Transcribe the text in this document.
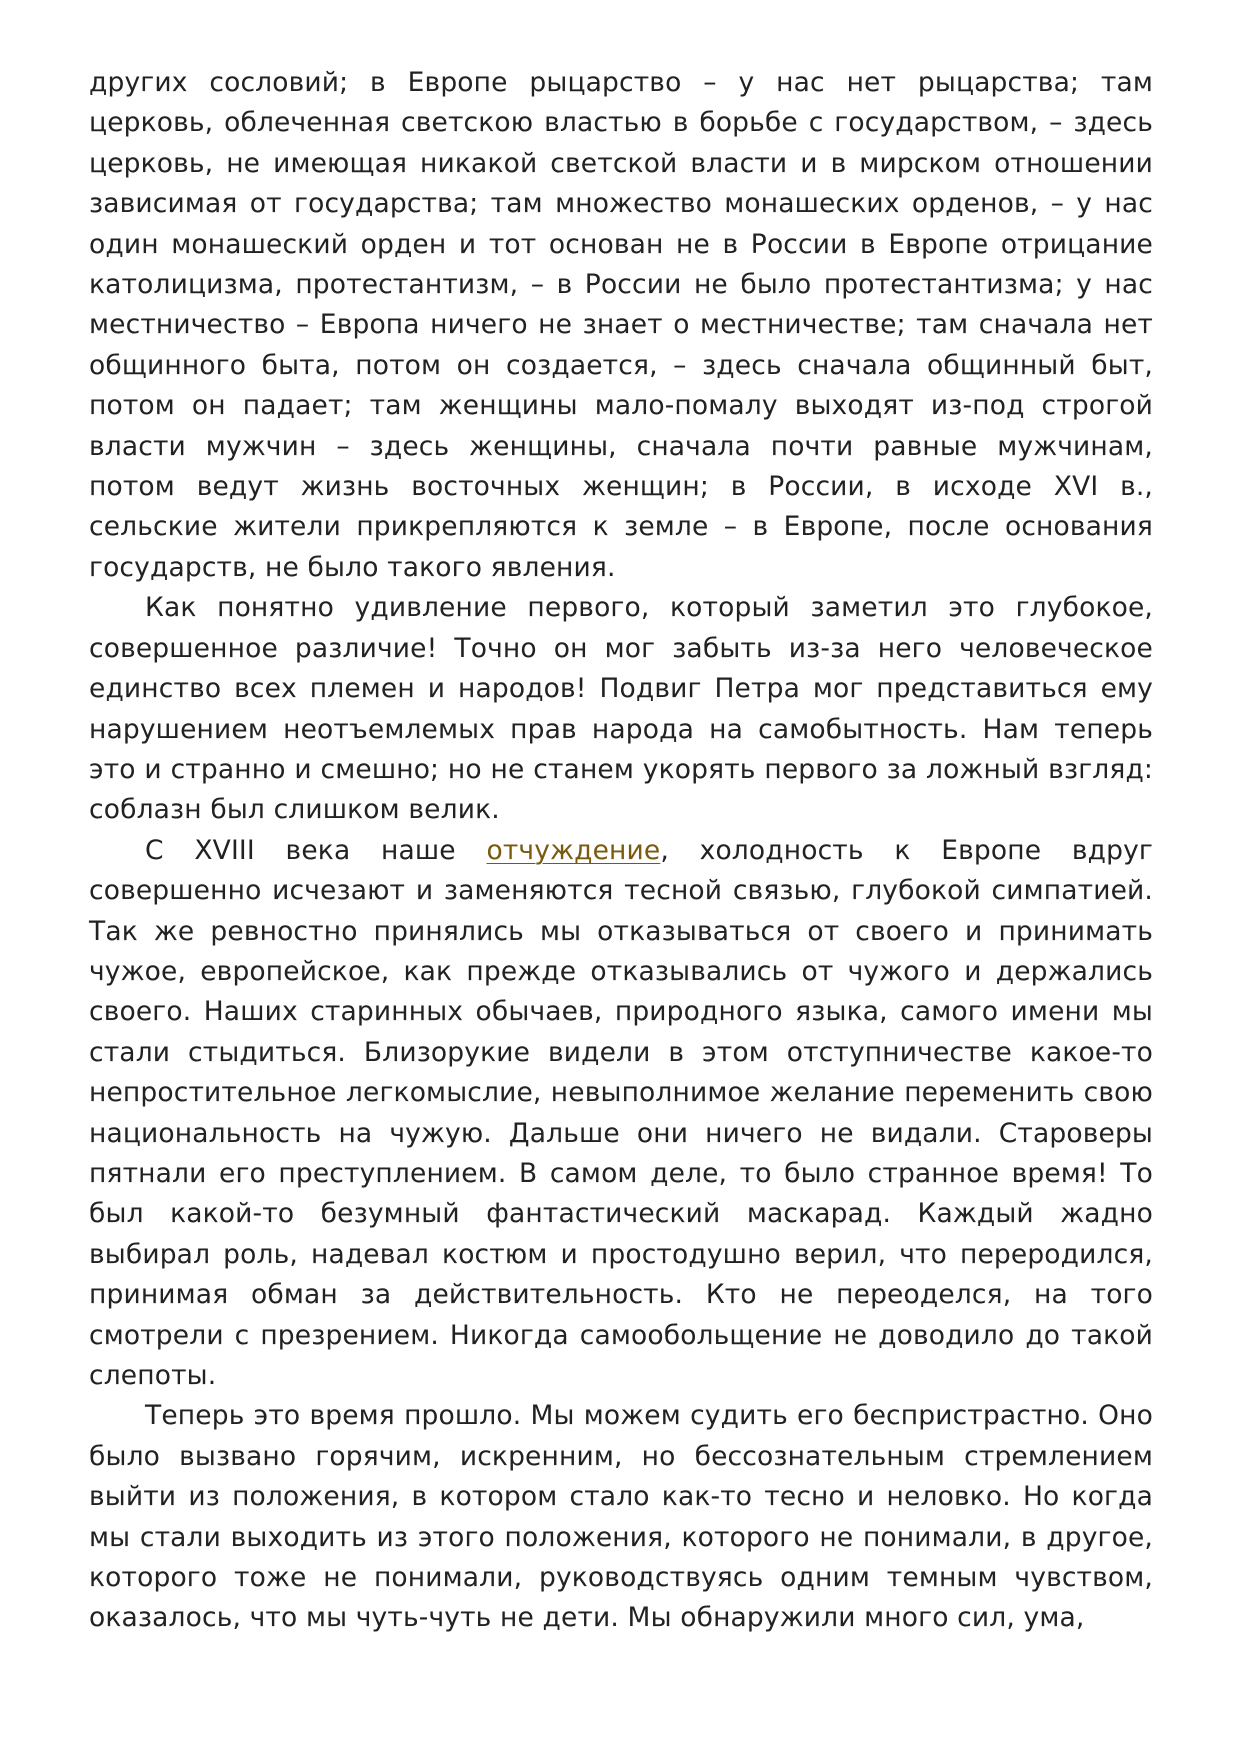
других сословий; в Европе рыцарство – у нас нет рыцарства; там церковь, облеченная светскою властью в борьбе с государством, – здесь церковь, не имеющая никакой светской власти и в мирском отношении зависимая от государства; там множество монашеских орденов, – у нас один монашеский орден и тот основан не в России в Европе отрицание католицизма, протестантизм, – в России не было протестантизма; у нас местничество – Европа ничего не знает о местничестве; там сначала нет общинного быта, потом он создается, – здесь сначала общинный быт, потом он падает; там женщины мало-помалу выходят из-под строгой власти мужчин – здесь женщины, сначала почти равные мужчинам, потом ведут жизнь восточных женщин; в России, в исходе XVI в., сельские жители прикрепляются к земле – в Европе, после основания государств, не было такого явления.

Как понятно удивление первого, который заметил это глубокое, совершенное различие! Точно он мог забыть из-за него человеческое единство всех племен и народов! Подвиг Петра мог представиться ему нарушением неотъемлемых прав народа на самобытность. Нам теперь это и странно и смешно; но не станем укорять первого за ложный взгляд: соблазн был слишком велик.

С XVIII века наше отчуждение, холодность к Европе вдруг совершенно исчезают и заменяются тесной связью, глубокой симпатией. Так же ревностно принялись мы отказываться от своего и принимать чужое, европейское, как прежде отказывались от чужого и держались своего. Наших старинных обычаев, природного языка, самого имени мы стали стыдиться. Близорукие видели в этом отступничестве какое-то непростительное легкомыслие, невыполнимое желание переменить свою национальность на чужую. Дальше они ничего не видали. Староверы пятнали его преступлением. В самом деле, то было странное время! То был какой-то безумный фантастический маскарад. Каждый жадно выбирал роль, надевал костюм и простодушно верил, что переродился, принимая обман за действительность. Кто не переоделся, на того смотрели с презрением. Никогда самообольщение не доводило до такой слепоты.

Теперь это время прошло. Мы можем судить его беспристрастно. Оно было вызвано горячим, искренним, но бессознательным стремлением выйти из положения, в котором стало как-то тесно и неловко. Но когда мы стали выходить из этого положения, которого не понимали, в другое, которого тоже не понимали, руководствуясь одним темным чувством, оказалось, что мы чуть-чуть не дети. Мы обнаружили много сил, ума,
